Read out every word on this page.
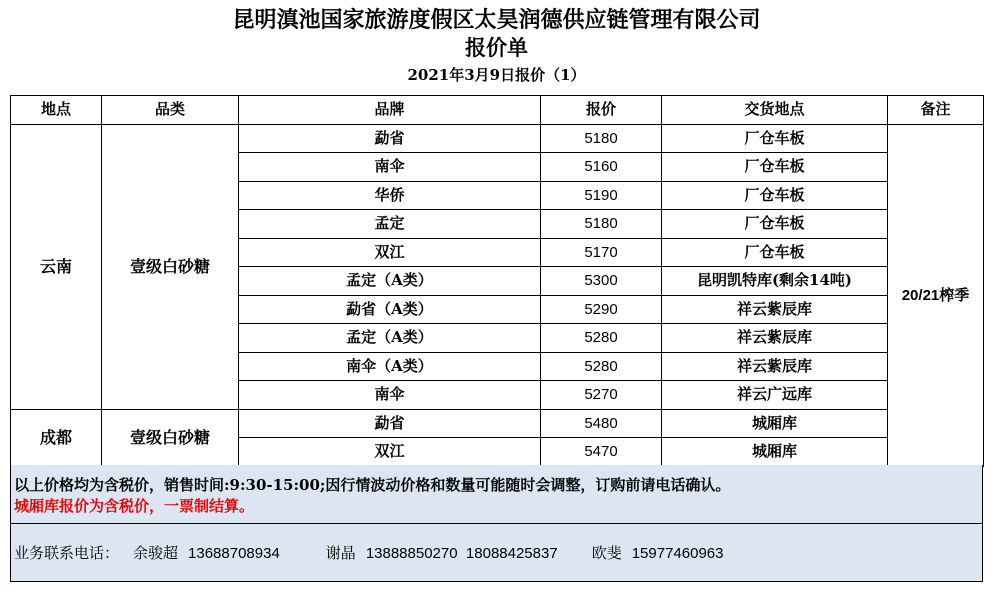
昆明滇池国家旅游度假区太昊润德供应链管理有限公司
报价单
2021年3月9日报价（1）
地点	品类	品牌	报价	交货地点	备注
云南	壹级白砂糖	勐省	5180	厂仓车板	20/21榨季
		南伞	5160	厂仓车板	
		华侨	5190	厂仓车板	
		孟定	5180	厂仓车板	
		双江	5170	厂仓车板	
		孟定（A类）	5300	昆明凯特库(剩余14吨)	
		勐省（A类）	5290	祥云紫辰库	
		孟定（A类）	5280	祥云紫辰库	
		南伞（A类）	5280	祥云紫辰库	
		南伞	5270	祥云广远库	
成都	壹级白砂糖	勐省	5480	城厢库	
		双江	5470	城厢库	
以上价格均为含税价，销售时间:9:30-15:00;因行情波动价格和数量可能随时会调整，订购前请电话确认。
城厢库报价为含税价，一票制结算。
业务联系电话： 余骏超 13688708934	谢晶 13888850270  18088425837 欧斐 15977460963
